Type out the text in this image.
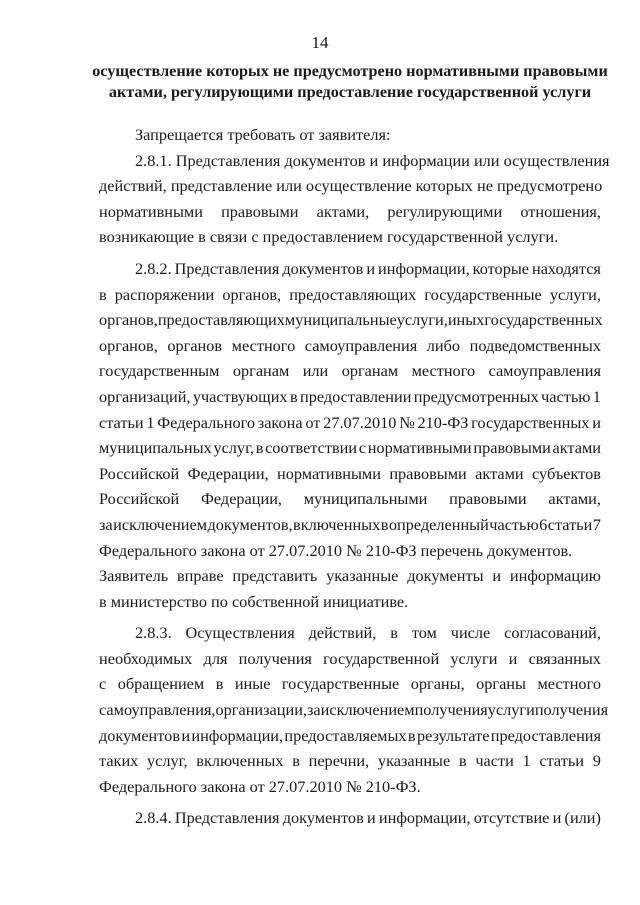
14
осуществление которых не предусмотрено нормативными правовыми
актами, регулирующими предоставление государственной услуги
Запрещается требовать от заявителя:
2.8.1. Представления документов и информации или осуществления
действий, представление или осуществление которых не предусмотрено
нормативными правовыми актами, регулирующими отношения,
возникающие в связи с предоставлением государственной услуги.
2.8.2. Представления документов и информации, которые находятся
в распоряжении органов, предоставляющих государственные услуги,
органов, предоставляющих муниципальные услуги, иных государственных
органов, органов местного самоуправления либо подведомственных
государственным органам или органам местного самоуправления
организаций, участвующих в предоставлении предусмотренных частью 1
статьи 1 Федерального закона от 27.07.2010 № 210-ФЗ государственных и
муниципальных услуг, в соответствии с нормативными правовыми актами
Российской Федерации, нормативными правовыми актами субъектов
Российской Федерации, муниципальными правовыми актами,
за исключением документов, включенных в определенный частью 6 статьи 7
Федерального закона от 27.07.2010 № 210-ФЗ перечень документов.
Заявитель вправе представить указанные документы и информацию
в министерство по собственной инициативе.
2.8.3. Осуществления действий, в том числе согласований,
необходимых для получения государственной услуги и связанных
с обращением в иные государственные органы, органы местного
самоуправления, организации, за исключением получения услуг и получения
документов и информации, предоставляемых в результате предоставления
таких услуг, включенных в перечни, указанные в части 1 статьи 9
Федерального закона от 27.07.2010 № 210-ФЗ.
2.8.4. Представления документов и информации, отсутствие и (или)
